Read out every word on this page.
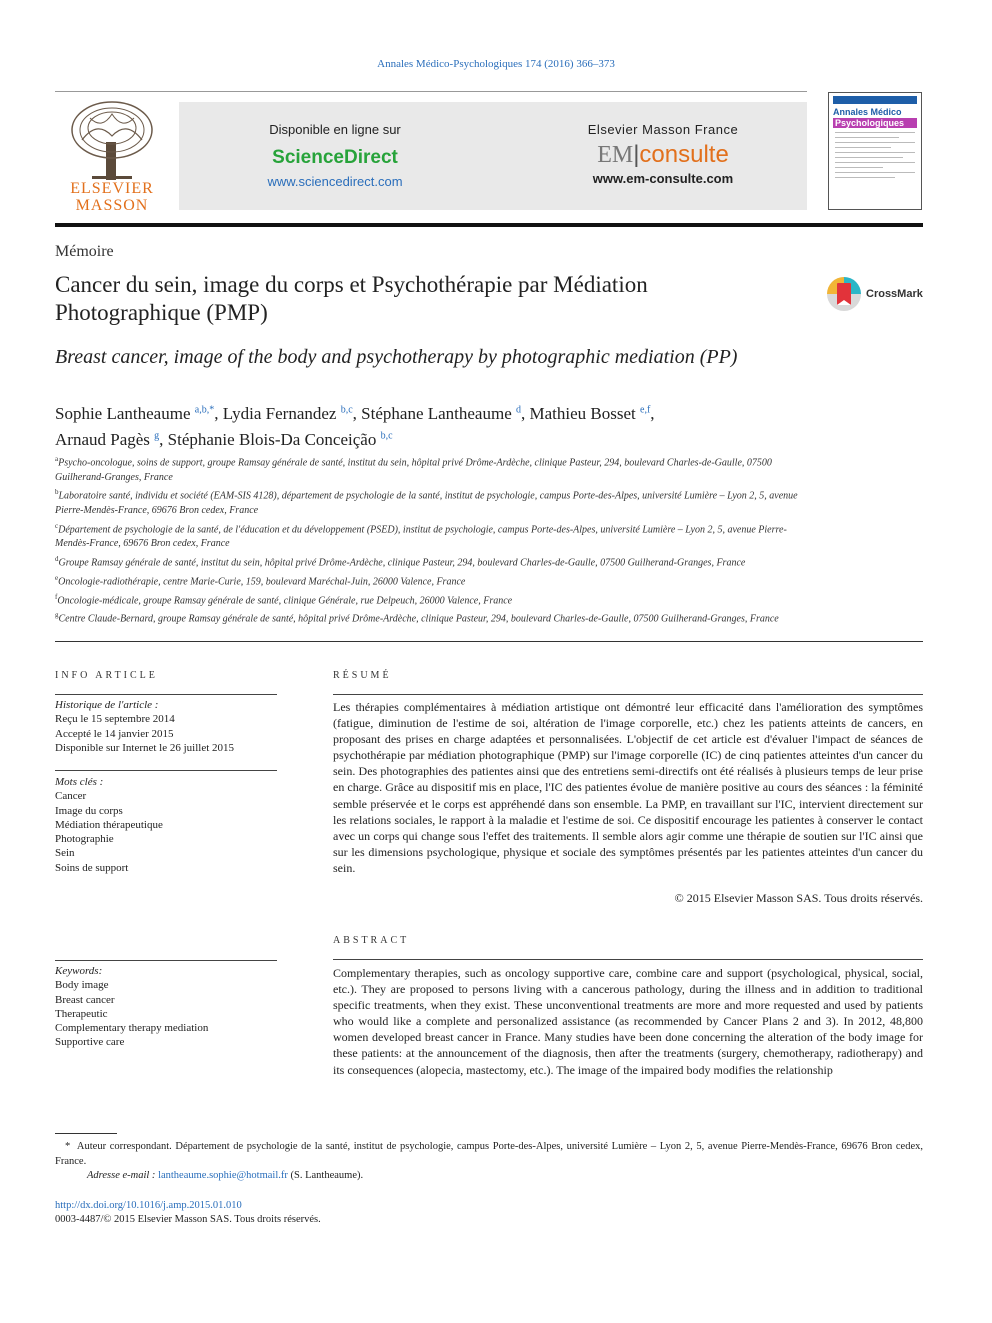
Annales Médico-Psychologiques 174 (2016) 366–373
ELSEVIER
MASSON
Disponible en ligne sur
ScienceDirect
www.sciencedirect.com
Elsevier Masson France
EM|consulte
www.em-consulte.com
Annales Médico
Psychologiques
Mémoire
Cancer du sein, image du corps et Psychothérapie par Médiation Photographique (PMP)
CrossMark
Breast cancer, image of the body and psychotherapy by photographic mediation (PP)
Sophie Lantheaume $^{a,b,*}$, Lydia Fernandez $^{b,c}$, Stéphane Lantheaume $^d$, Mathieu Bosset $^{e,f}$,
Arnaud Pagès $^g$, Stéphanie Blois-Da Conceição $^{b,c}$
$^a$Psycho-oncologue, soins de support, groupe Ramsay générale de santé, institut du sein, hôpital privé Drôme-Ardèche, clinique Pasteur, 294, boulevard Charles-de-Gaulle, 07500 Guilherand-Granges, France
$^b$Laboratoire santé, individu et société (EAM-SIS 4128), département de psychologie de la santé, institut de psychologie, campus Porte-des-Alpes, université Lumière – Lyon 2, 5, avenue Pierre-Mendès-France, 69676 Bron cedex, France
$^c$Département de psychologie de la santé, de l'éducation et du développement (PSED), institut de psychologie, campus Porte-des-Alpes, université Lumière – Lyon 2, 5, avenue Pierre-Mendès-France, 69676 Bron cedex, France
$^d$Groupe Ramsay générale de santé, institut du sein, hôpital privé Drôme-Ardèche, clinique Pasteur, 294, boulevard Charles-de-Gaulle, 07500 Guilherand-Granges, France
$^e$Oncologie-radiothérapie, centre Marie-Curie, 159, boulevard Maréchal-Juin, 26000 Valence, France
$^f$Oncologie-médicale, groupe Ramsay générale de santé, clinique Générale, rue Delpeuch, 26000 Valence, France
$^g$Centre Claude-Bernard, groupe Ramsay générale de santé, hôpital privé Drôme-Ardèche, clinique Pasteur, 294, boulevard Charles-de-Gaulle, 07500 Guilherand-Granges, France
INFO ARTICLE
Historique de l'article :
Reçu le 15 septembre 2014
Accepté le 14 janvier 2015
Disponible sur Internet le 26 juillet 2015
Mots clés :
Cancer
Image du corps
Médiation thérapeutique
Photographie
Sein
Soins de support
Keywords:
Body image
Breast cancer
Therapeutic
Complementary therapy mediation
Supportive care
RÉSUMÉ
Les thérapies complémentaires à médiation artistique ont démontré leur efficacité dans l'amélioration des symptômes (fatigue, diminution de l'estime de soi, altération de l'image corporelle, etc.) chez les patients atteints de cancers, en proposant des prises en charge adaptées et personnalisées. L'objectif de cet article est d'évaluer l'impact de séances de psychothérapie par médiation photographique (PMP) sur l'image corporelle (IC) de cinq patientes atteintes d'un cancer du sein. Des photographies des patientes ainsi que des entretiens semi-directifs ont été réalisés à plusieurs temps de leur prise en charge. Grâce au dispositif mis en place, l'IC des patientes évolue de manière positive au cours des séances : la féminité semble préservée et le corps est appréhendé dans son ensemble. La PMP, en travaillant sur l'IC, intervient directement sur les relations sociales, le rapport à la maladie et l'estime de soi. Ce dispositif encourage les patientes à conserver le contact avec un corps qui change sous l'effet des traitements. Il semble alors agir comme une thérapie de soutien sur l'IC ainsi que sur les dimensions psychologique, physique et sociale des symptômes présentés par les patientes atteintes d'un cancer du sein.
© 2015 Elsevier Masson SAS. Tous droits réservés.
ABSTRACT
Complementary therapies, such as oncology supportive care, combine care and support (psychological, physical, social, etc.). They are proposed to persons living with a cancerous pathology, during the illness and in addition to traditional specific treatments, when they exist. These unconventional treatments are more and more requested and used by patients who would like a complete and personalized assistance (as recommended by Cancer Plans 2 and 3). In 2012, 48,800 women developed breast cancer in France. Many studies have been done concerning the alteration of the body image for these patients: at the announcement of the diagnosis, then after the treatments (surgery, chemotherapy, radiotherapy) and its consequences (alopecia, mastectomy, etc.). The image of the impaired body modifies the relationship
* Auteur correspondant. Département de psychologie de la santé, institut de psychologie, campus Porte-des-Alpes, université Lumière – Lyon 2, 5, avenue Pierre-Mendès-France, 69676 Bron cedex, France.
Adresse e-mail : lantheaume.sophie@hotmail.fr (S. Lantheaume).
http://dx.doi.org/10.1016/j.amp.2015.01.010
0003-4487/© 2015 Elsevier Masson SAS. Tous droits réservés.
